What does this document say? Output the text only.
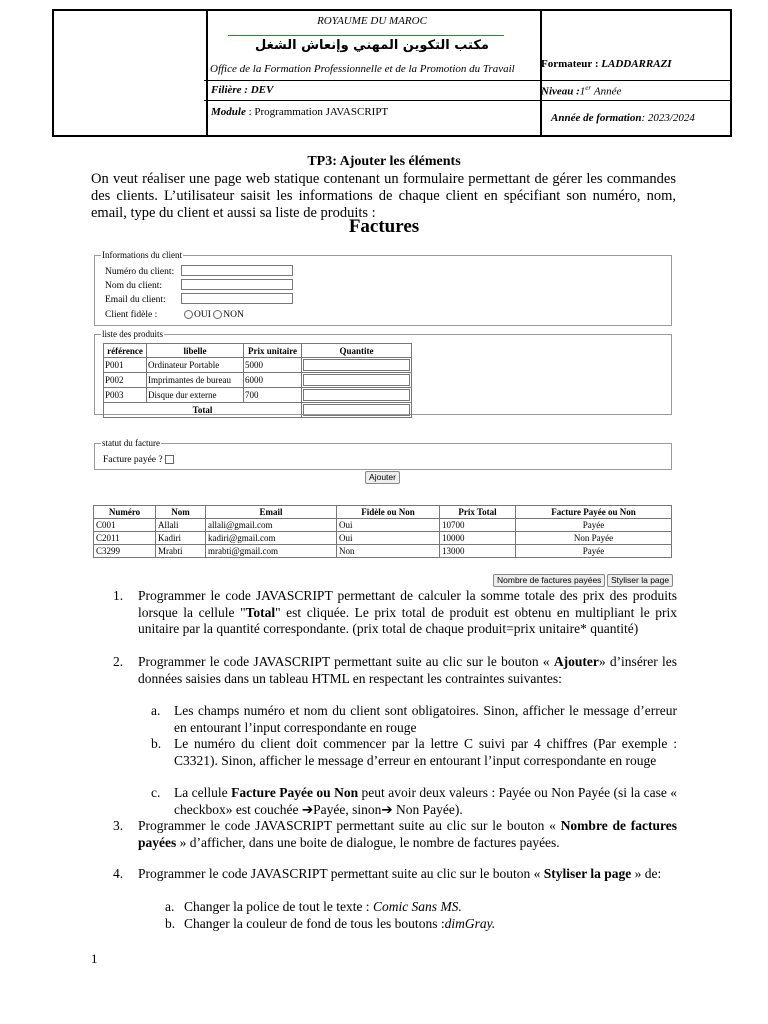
ROYAUME DU MAROC
مكتب التكوين المهني وإنعاش الشغل
Office de la Formation Professionnelle et de la Promotion du Travail Formateur : LADDARRAZI
Filière : DEV	Niveau :1er Année
Module : Programmation JAVASCRIPT	Année de formation: 2023/2024
TP3: Ajouter les éléments
On veut réaliser une page web statique contenant un formulaire permettant de gérer les commandes des clients. L’utilisateur saisit les informations de chaque client en spécifiant son numéro, nom, email, type du client et aussi sa liste de produits :
Factures
Informations du client
Numéro du client:
Nom du client:
Email du client:
Client fidèle :	OUI NON
liste des produits
référence	libelle	Prix unitaire	Quantite
P001	Ordinateur Portable	5000	

P002	Imprimantes de bureau	6000	

P003	Disque dur externe	700	

Total			
statut du facture
Facture payée ?
Ajouter
Numéro	Nom	Email	Fidèle ou Non	Prix Total	Facture Payée ou Non
C001	Allali	allali@gmail.com	Oui	10700	Payée
C2011	Kadiri	kadiri@gmail.com	Oui	10000	Non Payée
C3299	Mrabti	mrabti@gmail.com	Non	13000	Payée
Nombre de factures payées	Styliser la page
1. Programmer le code JAVASCRIPT permettant de calculer la somme totale des prix des produits lorsque la cellule "Total" est cliquée. Le prix total de produit est obtenu en multipliant le prix unitaire par la quantité correspondante. (prix total de chaque produit=prix unitaire* quantité)
2. Programmer le code JAVASCRIPT permettant suite au clic sur le bouton « Ajouter» d’insérer les données saisies dans un tableau HTML en respectant les contraintes suivantes:
a. Les champs numéro et nom du client sont obligatoires. Sinon, afficher le message d’erreur en entourant l’input correspondante en rouge
b. Le numéro du client doit commencer par la lettre C suivi par 4 chiffres (Par exemple : C3321). Sinon, afficher le message d’erreur en entourant l’input correspondante en rouge
c. La cellule Facture Payée ou Non peut avoir deux valeurs : Payée ou Non Payée (si la case « checkbox» est couchée ➔Payée, sinon➔ Non Payée).
3. Programmer le code JAVASCRIPT permettant suite au clic sur le bouton « Nombre de factures payées » d’afficher, dans une boite de dialogue, le nombre de factures payées.
4. Programmer le code JAVASCRIPT permettant suite au clic sur le bouton « Styliser la page » de:
a. Changer la police de tout le texte : Comic Sans MS.
b. Changer la couleur de fond de tous les boutons :dimGray.
1
